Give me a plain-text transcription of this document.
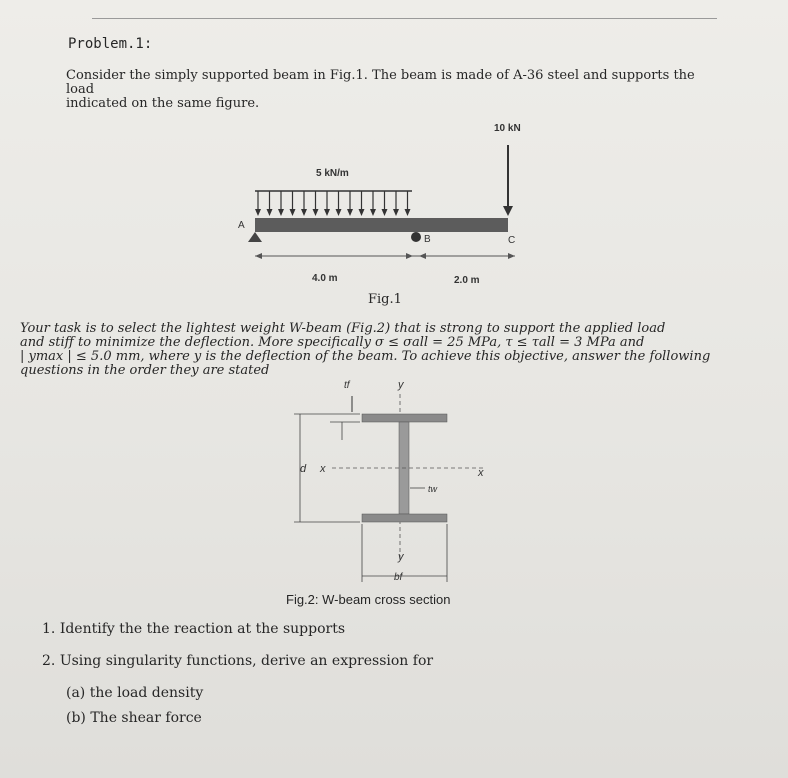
Problem.1:
Consider the simply supported beam in Fig.1. The beam is made of A-36 steel and supports the load
indicated on the same figure.
5 kN/m
A
B	C
10 kN
4.0 m	2.0 m
Fig.1
Your task is to select the lightest weight W-beam (Fig.2) that is strong to support the applied load
and stiff to minimize the deflection. More specifically σ ≤ σall = 25 MPa, τ ≤ τall = 3 MPa and
| ymax | ≤ 5.0 mm, where y is the deflection of the beam. To achieve this objective, answer the following
questions in the order they are stated
tf	y
d x	x
tw
y
bf
Fig.2: W-beam cross section
1. Identify the the reaction at the supports
2. Using singularity functions, derive an expression for
(a) the load density
(b) The shear force
